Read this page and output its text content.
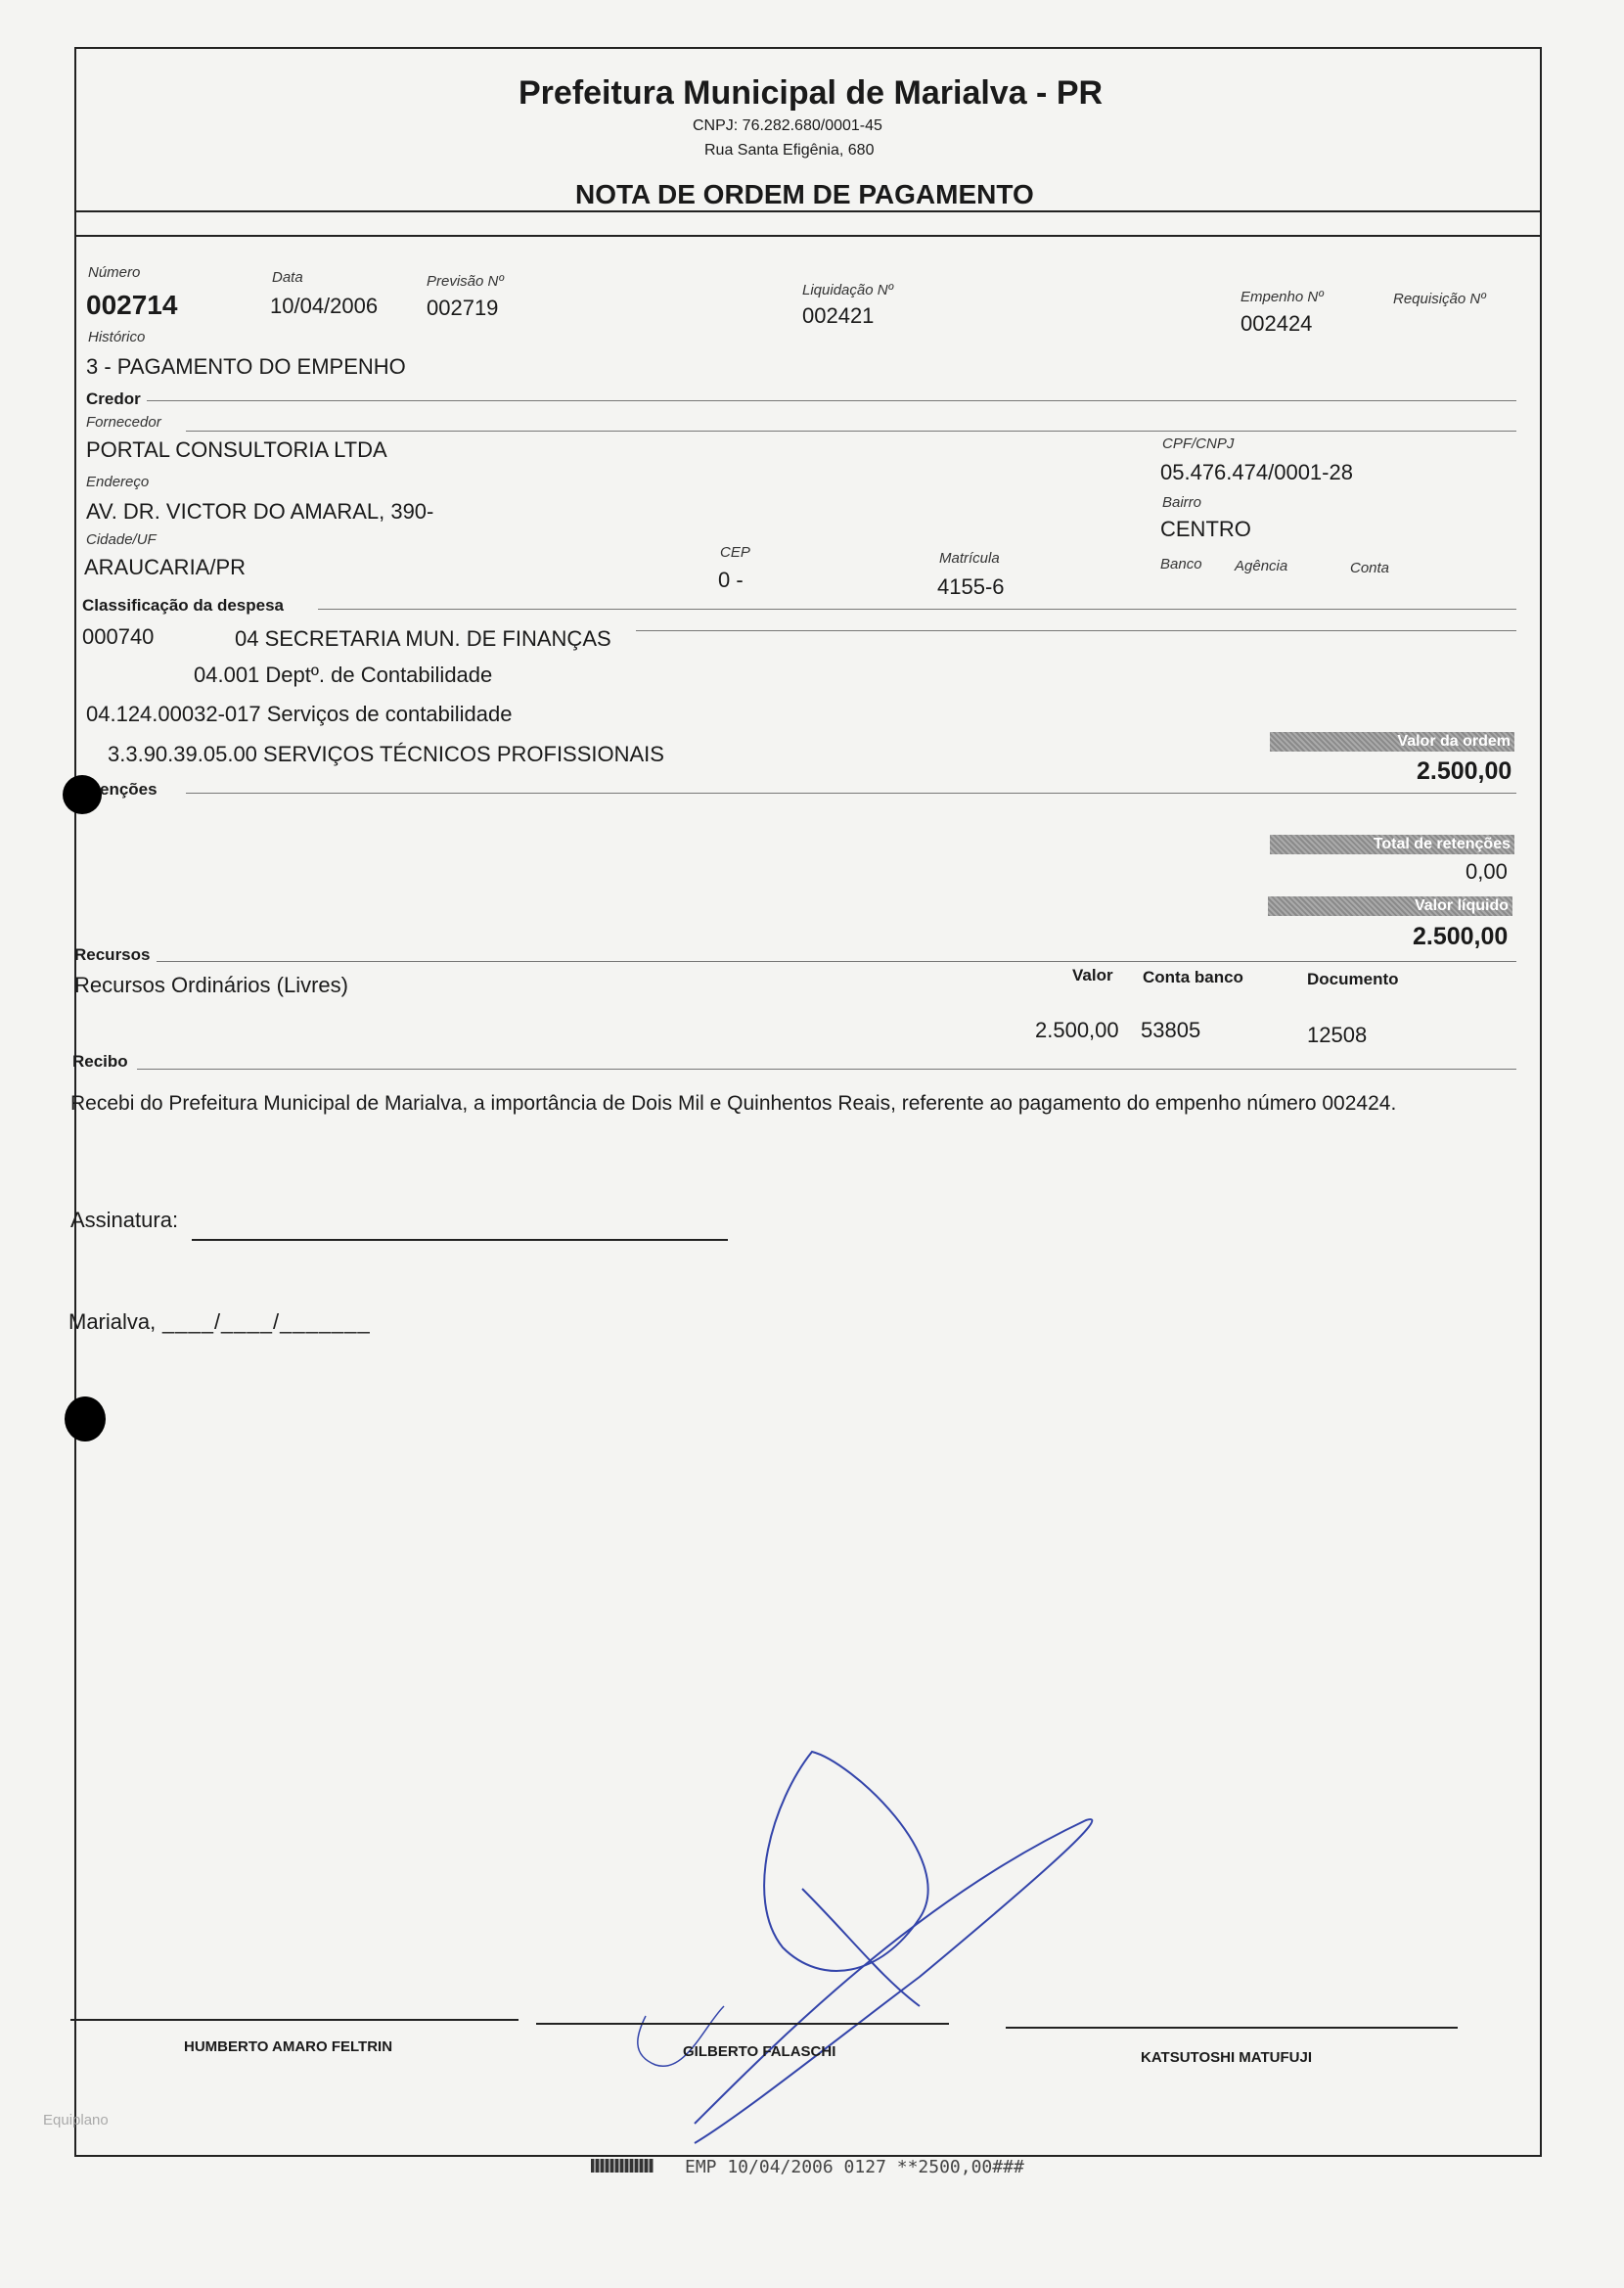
Prefeitura Municipal de Marialva - PR
CNPJ: 76.282.680/0001-45
Rua Santa Efigênia, 680
NOTA DE ORDEM DE PAGAMENTO
Número
002714
Data
10/04/2006
Previsão Nº
002719
Liquidação Nº
002421
Empenho Nº
002424
Requisição Nº
Histórico
3 - PAGAMENTO DO EMPENHO
Credor
Fornecedor
PORTAL CONSULTORIA LTDA	CPF/CNPJ
05.476.474/0001-28
Endereço
AV. DR. VICTOR DO AMARAL, 390-	Bairro
CENTRO
Cidade/UF
ARAUCARIA/PR
CEP
0 -
Matrícula
4155-6
Banco Agência	Conta
Classificação da despesa
000740	04 SECRETARIA MUN. DE FINANÇAS
04.001 Deptº. de Contabilidade
04.124.00032-017 Serviços de contabilidade
3.3.90.39.05.00 SERVIÇOS TÉCNICOS PROFISSIONAIS
Valor da ordem
2.500,00
enções
Total de retenções
0,00
Valor líquido
2.500,00
Recursos
Recursos Ordinários (Livres)	Valor Conta banco	Documento
2.500,00 53805	12508
Recibo
Recebi do Prefeitura Municipal de Marialva, a importância de Dois Mil e Quinhentos Reais, referente ao pagamento do empenho número 002424.
Assinatura:
Marialva, ____/____/_______
HUMBERTO AMARO FELTRIN	GILBERTO FALASCHI	KATSUTOSHI MATUFUJI
Equiplano
EMP 10/04/2006 0127 **2500,00###
